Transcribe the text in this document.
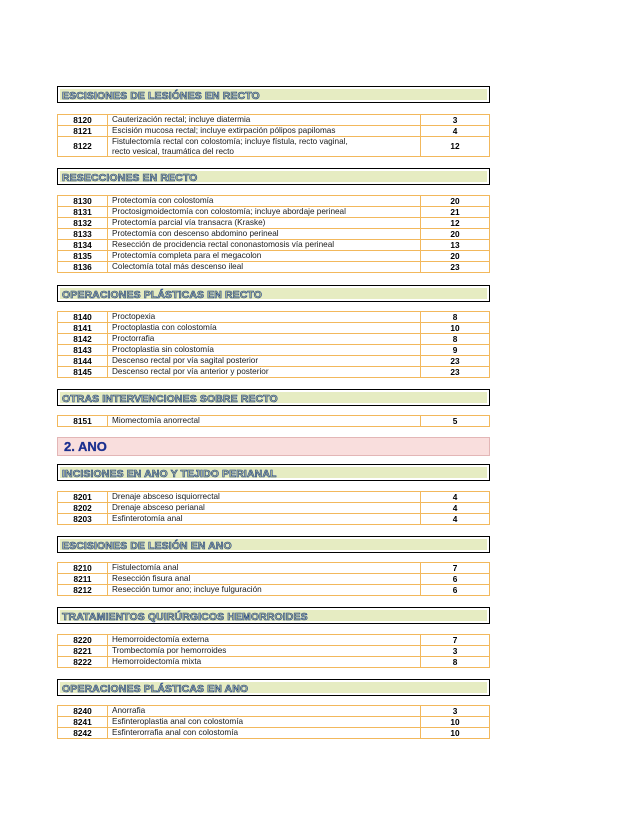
ESCISIONES DE LESIÓNES EN RECTO
8120	Cauterización rectal; incluye diatermia	3
8121	Escisión mucosa rectal; incluye extirpación pólipos papilomas	4
8122	Fistulectomía rectal con colostomía; incluye fístula, recto vaginal, recto vesical, traumática del recto	12
RESECCIONES EN RECTO
8130	Protectomía con colostomía	20
8131	Proctosigmoidectomía con colostomía; incluye abordaje perineal	21
8132	Protectomía parcial vía transacra (Kraske)	12
8133	Protectomía con descenso abdomino perineal	20
8134	Resección de procidencia rectal cononastomosis vía perineal	13
8135	Protectomía completa para el megacolon	20
8136	Colectomía total más descenso ileal	23
OPERACIONES PLÁSTICAS EN RECTO
8140	Proctopexia	8
8141	Proctoplastia con colostomía	10
8142	Proctorrafia	8
8143	Proctoplastia sin colostomía	9
8144	Descenso rectal por vía sagital posterior	23
8145	Descenso rectal por vía anterior y posterior	23
OTRAS INTERVENCIONES SOBRE RECTO
8151	Miomectomía anorrectal	5
2. ANO
INCISIONES EN ANO Y TEJIDO PERIANAL
8201	Drenaje absceso isquiorrectal	4
8202	Drenaje absceso perianal	4
8203	Esfinterotomía anal	4
ESCISIONES DE LESIÓN EN ANO
8210	Fistulectomía anal	7
8211	Resección fisura anal	6
8212	Resección tumor ano; incluye fulguración	6
TRATAMIENTOS QUIRÚRGICOS HEMORROIDES
8220	Hemorroidectomía externa	7
8221	Trombectomía por hemorroides	3
8222	Hemorroidectomía mixta	8
OPERACIONES PLÁSTICAS EN ANO
8240	Anorrafia	3
8241	Esfinteroplastia anal con colostomía	10
8242	Esfinterorrafia anal con colostomía	10
